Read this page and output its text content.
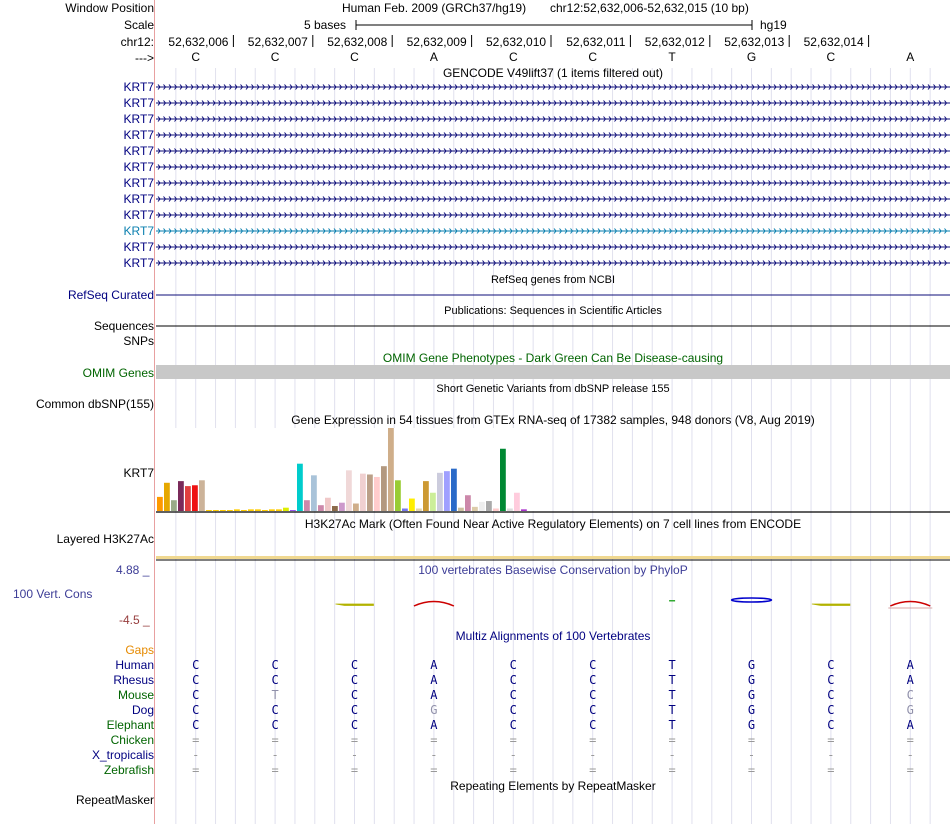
Window Position
Scale
chr12:
--->
Human Feb. 2009 (GRCh37/hg19) chr12:52,632,006-52,632,015 (10 bp)
5 bases	hg19
52,632,006 52,632,007 52,632,008 52,632,009 52,632,010 52,632,011 52,632,012 52,632,013 52,632,014
C	C	C	A	C	C	T	G	C	A
GENCODE V49lift37 (1 items filtered out)
KRT7
KRT7
KRT7
KRT7
KRT7
KRT7
KRT7
KRT7
KRT7
KRT7
KRT7
KRT7
RefSeq genes from NCBI
RefSeq Curated
Publications: Sequences in Scientific Articles
Sequences
SNPs
OMIM Gene Phenotypes - Dark Green Can Be Disease-causing
OMIM Genes
Short Genetic Variants from dbSNP release 155
Common dbSNP(155)
Gene Expression in 54 tissues from GTEx RNA-seq of 17382 samples, 948 donors (V8, Aug 2019)
KRT7
H3K27Ac Mark (Often Found Near Active Regulatory Elements) on 7 cell lines from ENCODE
Layered H3K27Ac
100 vertebrates Basewise Conservation by PhyloP
4.88 _
100 Vert. Cons
-4.5 _
Multiz Alignments of 100 Vertebrates
Gaps
Human	C	C	C	A	C	C	T	G	C	A
Rhesus	C	C	C	A	C	C	T	G	C	A
Mouse	C	T	C	A	C	C	T	G	C	C
Dog	C	C	C	G	C	C	T	G	C	G
Elephant	C	C	C	A	C	C	T	G	C	A
Chicken	=	=	=	=	=	=	=	=	=	=
X_tropicalis	-	-	-	-	-	-	-	-	-	-
Zebrafish	=	=	=	=	=	=	=	=	=	=
Repeating Elements by RepeatMasker
RepeatMasker
